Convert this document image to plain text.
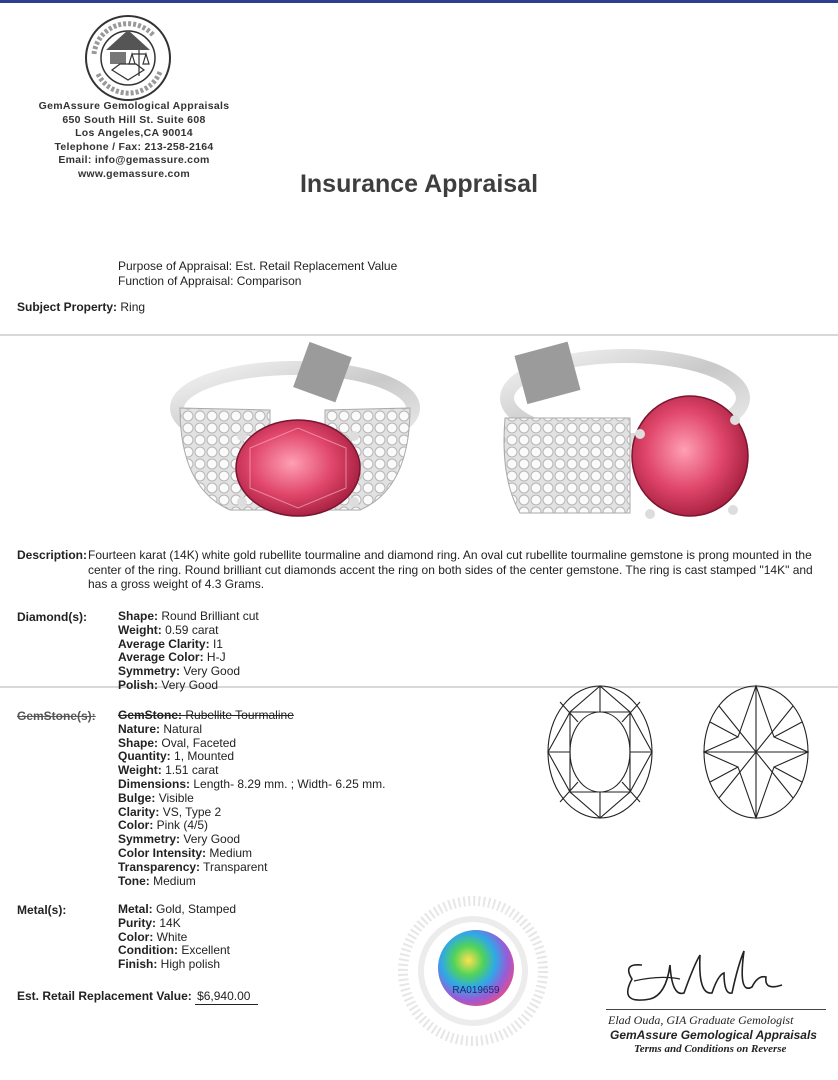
GemAssure Gemological Appraisals
650 South Hill St. Suite 608
Los Angeles,CA 90014
Telephone / Fax: 213-258-2164
Email: info@gemassure.com
www.gemassure.com	Insurance Appraisal
Purpose of Appraisal: Est. Retail Replacement Value
Function of Appraisal: Comparison
Subject Property: Ring
Description: Fourteen karat (14K) white gold rubellite tourmaline and diamond ring. An oval cut rubellite tourmaline gemstone is prong mounted in the center of the ring. Round brilliant cut diamonds accent the ring on both sides of the center gemstone. The ring is cast stamped "14K" and has a gross weight of 4.3 Grams.
Diamond(s):	Shape: Round Brilliant cut
Weight: 0.59 carat
Average Clarity: I1
Average Color: H-J
Symmetry: Very Good
Polish: Very Good
GemStone(s): GemStone: Rubellite Tourmaline
Nature: Natural
Shape: Oval, Faceted
Quantity: 1, Mounted
Weight: 1.51 carat
Dimensions: Length- 8.29 mm. ; Width- 6.25 mm.
Bulge: Visible
Clarity: VS, Type 2
Color: Pink (4/5)
Symmetry: Very Good
Color Intensity: Medium
Transparency: Transparent
Tone: Medium
Metal(s):	Metal: Gold, Stamped
Purity: 14K
Color: White
Condition: Excellent
Finish: High polish
RA019659
Elad Ouda, GIA Graduate Gemologist
GemAssure Gemological Appraisals
Terms and Conditions on Reverse
Est. Retail Replacement Value: $6,940.00
